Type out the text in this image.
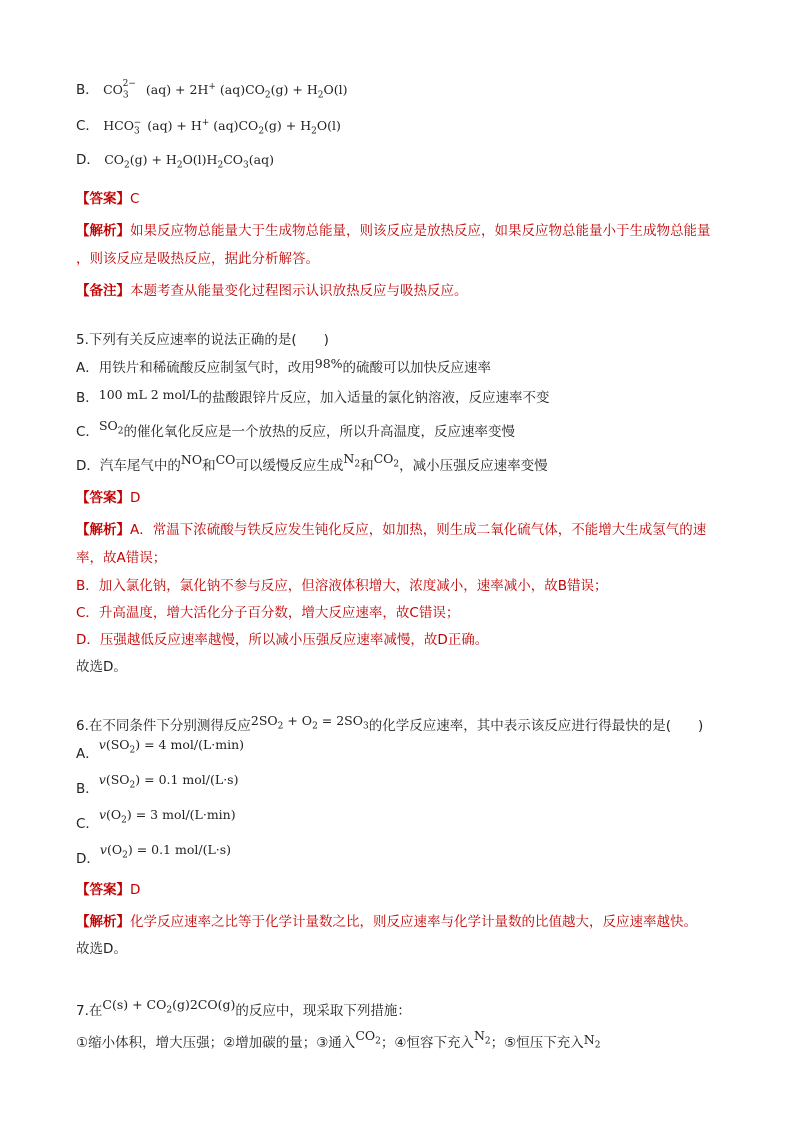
B． $CO_3^{2-}$ (aq) + 2H+ $(aq)CO_2(g) + H_2O(l)$
C． $HCO_3^-$ (aq) + H+ $(aq)CO_2(g) + H_2O(l)$
D． $CO_2(g) + H_2O(l)H_2CO_3(aq)$
【答案】C
【解析】如果反应物总能量大于生成物总能量，则该反应是放热反应，如果反应物总能量小于生成物总能量
，则该反应是吸热反应，据此分析解答。
【备注】本题考查从能量变化过程图示认识放热反应与吸热反应。
5.下列有关反应速率的说法正确的是(　　)
A．用铁片和稀硫酸反应制氢气时，改用98%的硫酸可以加快反应速率
B．100 mL 2 mol/L的盐酸跟锌片反应，加入适量的氯化钠溶液，反应速率不变
C．$SO_2$的催化氧化反应是一个放热的反应，所以升高温度，反应速率变慢
D．汽车尾气中的NO和CO可以缓慢反应生成$N_2$和$CO_2$，减小压强反应速率变慢
【答案】D
【解析】A．常温下浓硫酸与铁反应发生钝化反应，如加热，则生成二氧化硫气体，不能增大生成氢气的速
率，故A错误；
B．加入氯化钠，氯化钠不参与反应，但溶液体积增大，浓度减小，速率减小，故B错误；
C．升高温度，增大活化分子百分数，增大反应速率，故C错误；
D．压强越低反应速率越慢，所以减小压强反应速率减慢，故D正确。
故选D。
6.在不同条件下分别测得反应$2SO_2 + O_2 = 2SO_3$的化学反应速率，其中表示该反应进行得最快的是(　　)
A．$v(SO_2) = 4$ mol/(L·min)
B．$v(SO_2) = 0.1$ mol/(L·s)
C．$v(O_2) = 3$ mol/(L·min)
D．$v(O_2) = 0.1$ mol/(L·s)
【答案】D
【解析】化学反应速率之比等于化学计量数之比，则反应速率与化学计量数的比值越大，反应速率越快。
故选D。
7.在$C(s) + CO_2(g)2CO(g)$的反应中，现采取下列措施：
①缩小体积，增大压强；②增加碳的量；③通入$CO_2$；④恒容下充入$N_2$；⑤恒压下充入$N_2$
